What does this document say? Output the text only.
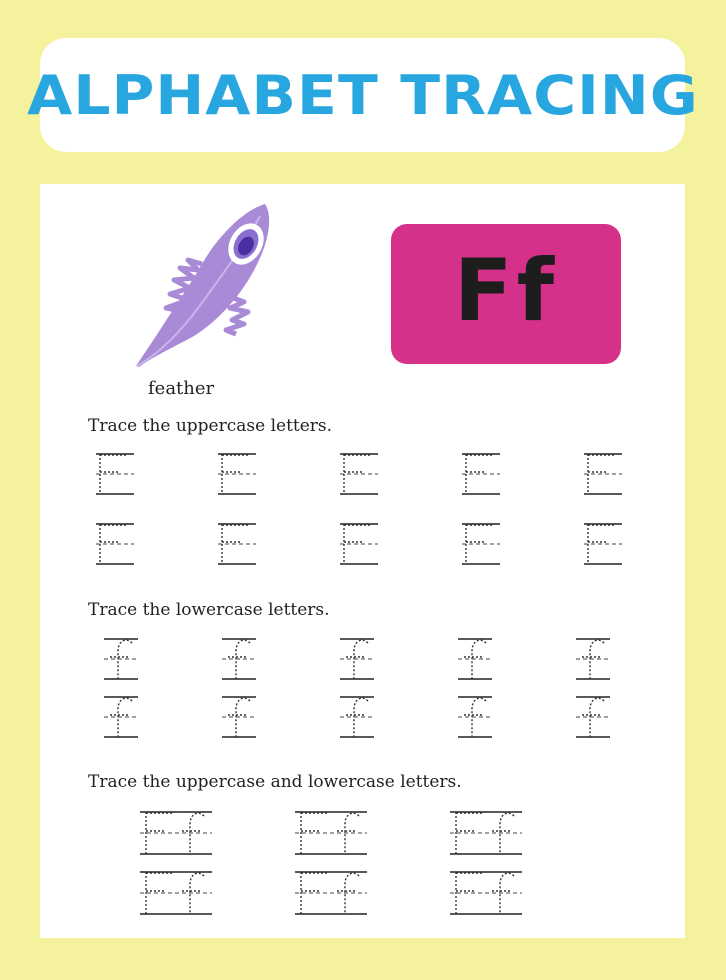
ALPHABET TRACING
feather
Ff
Trace the uppercase letters.
Trace the lowercase letters.
Trace the uppercase and lowercase letters.
